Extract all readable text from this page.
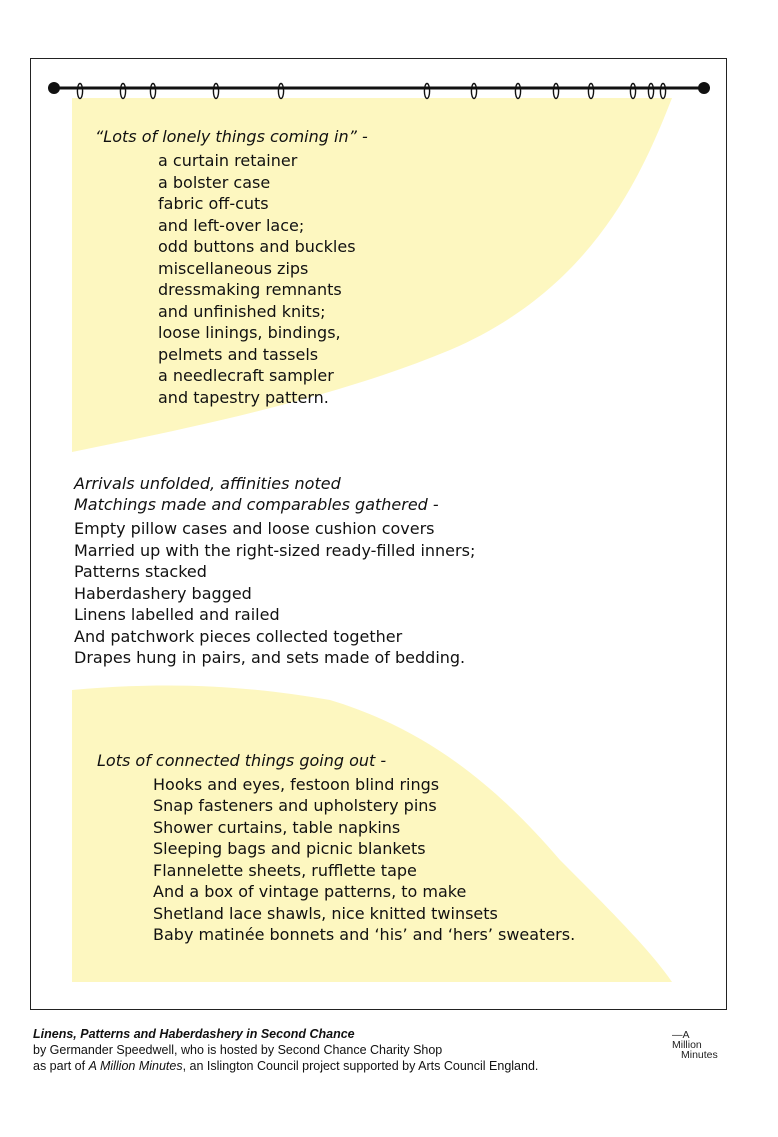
“Lots of lonely things coming in” -
a curtain retainer
a bolster case
fabric off-cuts
and left-over lace;
odd buttons and buckles
miscellaneous zips
dressmaking remnants
and unfinished knits;
loose linings, bindings,
pelmets and tassels
a needlecraft sampler
and tapestry pattern.
Arrivals unfolded, affinities noted
Matchings made and comparables gathered -
Empty pillow cases and loose cushion covers
Married up with the right-sized ready-filled inners;
Patterns stacked
Haberdashery bagged
Linens labelled and railed
And patchwork pieces collected together
Drapes hung in pairs, and sets made of bedding.
Lots of connected things going out -
Hooks and eyes, festoon blind rings
Snap fasteners and upholstery pins
Shower curtains, table napkins
Sleeping bags and picnic blankets
Flannelette sheets, rufflette tape
And a box of vintage patterns, to make
Shetland lace shawls, nice knitted twinsets
Baby matinée bonnets and ‘his’ and ‘hers’ sweaters.
Linens, Patterns and Haberdashery in Second Chance
by Germander Speedwell, who is hosted by Second Chance Charity Shop
as part of A Million Minutes, an Islington Council project supported by Arts Council England.
—A
Million
Minutes
